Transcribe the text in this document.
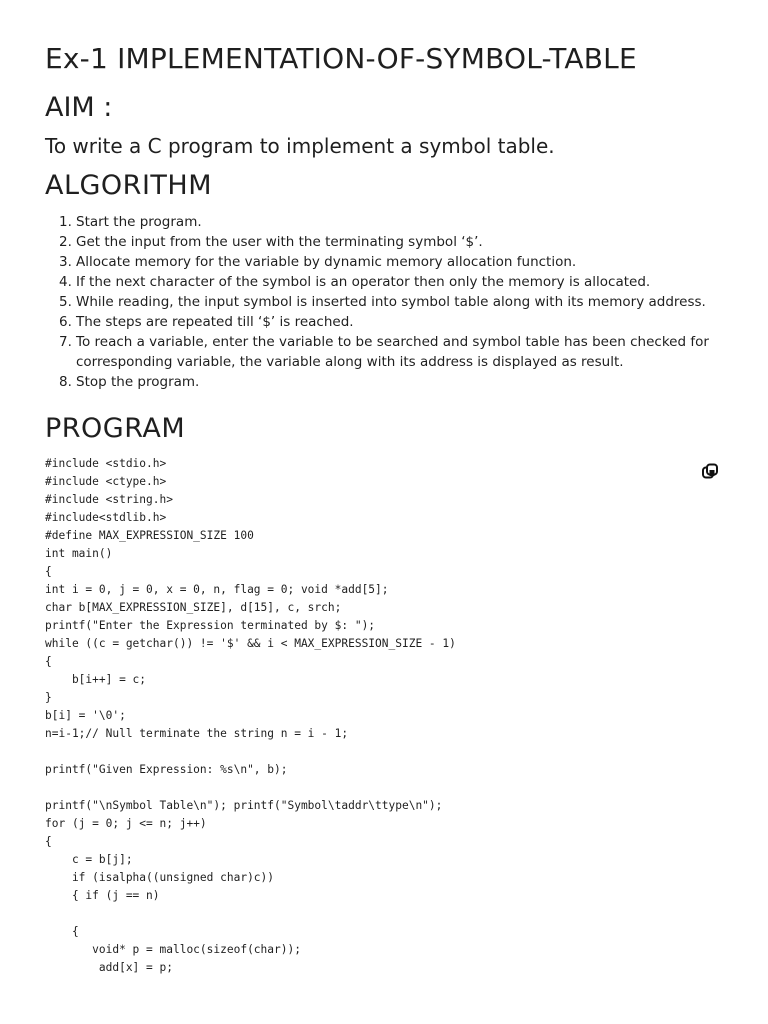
Ex-1 IMPLEMENTATION-OF-SYMBOL-TABLE
AIM :
To write a C program to implement a symbol table.
ALGORITHM
1. Start the program.
2. Get the input from the user with the terminating symbol ‘$’.
3. Allocate memory for the variable by dynamic memory allocation function.
4. If the next character of the symbol is an operator then only the memory is allocated.
5. While reading, the input symbol is inserted into symbol table along with its memory address.
6. The steps are repeated till ‘$’ is reached.
7. To reach a variable, enter the variable to be searched and symbol table has been checked for corresponding variable, the variable along with its address is displayed as result.
8. Stop the program.
PROGRAM
#include <stdio.h>
#include <ctype.h>
#include <string.h>
#include<stdlib.h>
#define MAX_EXPRESSION_SIZE 100
int main()
{
int i = 0, j = 0, x = 0, n, flag = 0; void *add[5];
char b[MAX_EXPRESSION_SIZE], d[15], c, srch;
printf("Enter the Expression terminated by $: ");
while ((c = getchar()) != '$' && i < MAX_EXPRESSION_SIZE - 1)
{
b[i++] = c;
}
b[i] = '\0';
n=i-1;// Null terminate the string n = i - 1;
printf("Given Expression: %s\n", b);
printf("\nSymbol Table\n"); printf("Symbol\taddr\ttype\n");
for (j = 0; j <= n; j++)
{
c = b[j];
if (isalpha((unsigned char)c))
{ if (j == n)
{
void* p = malloc(sizeof(char));
add[x] = p;
